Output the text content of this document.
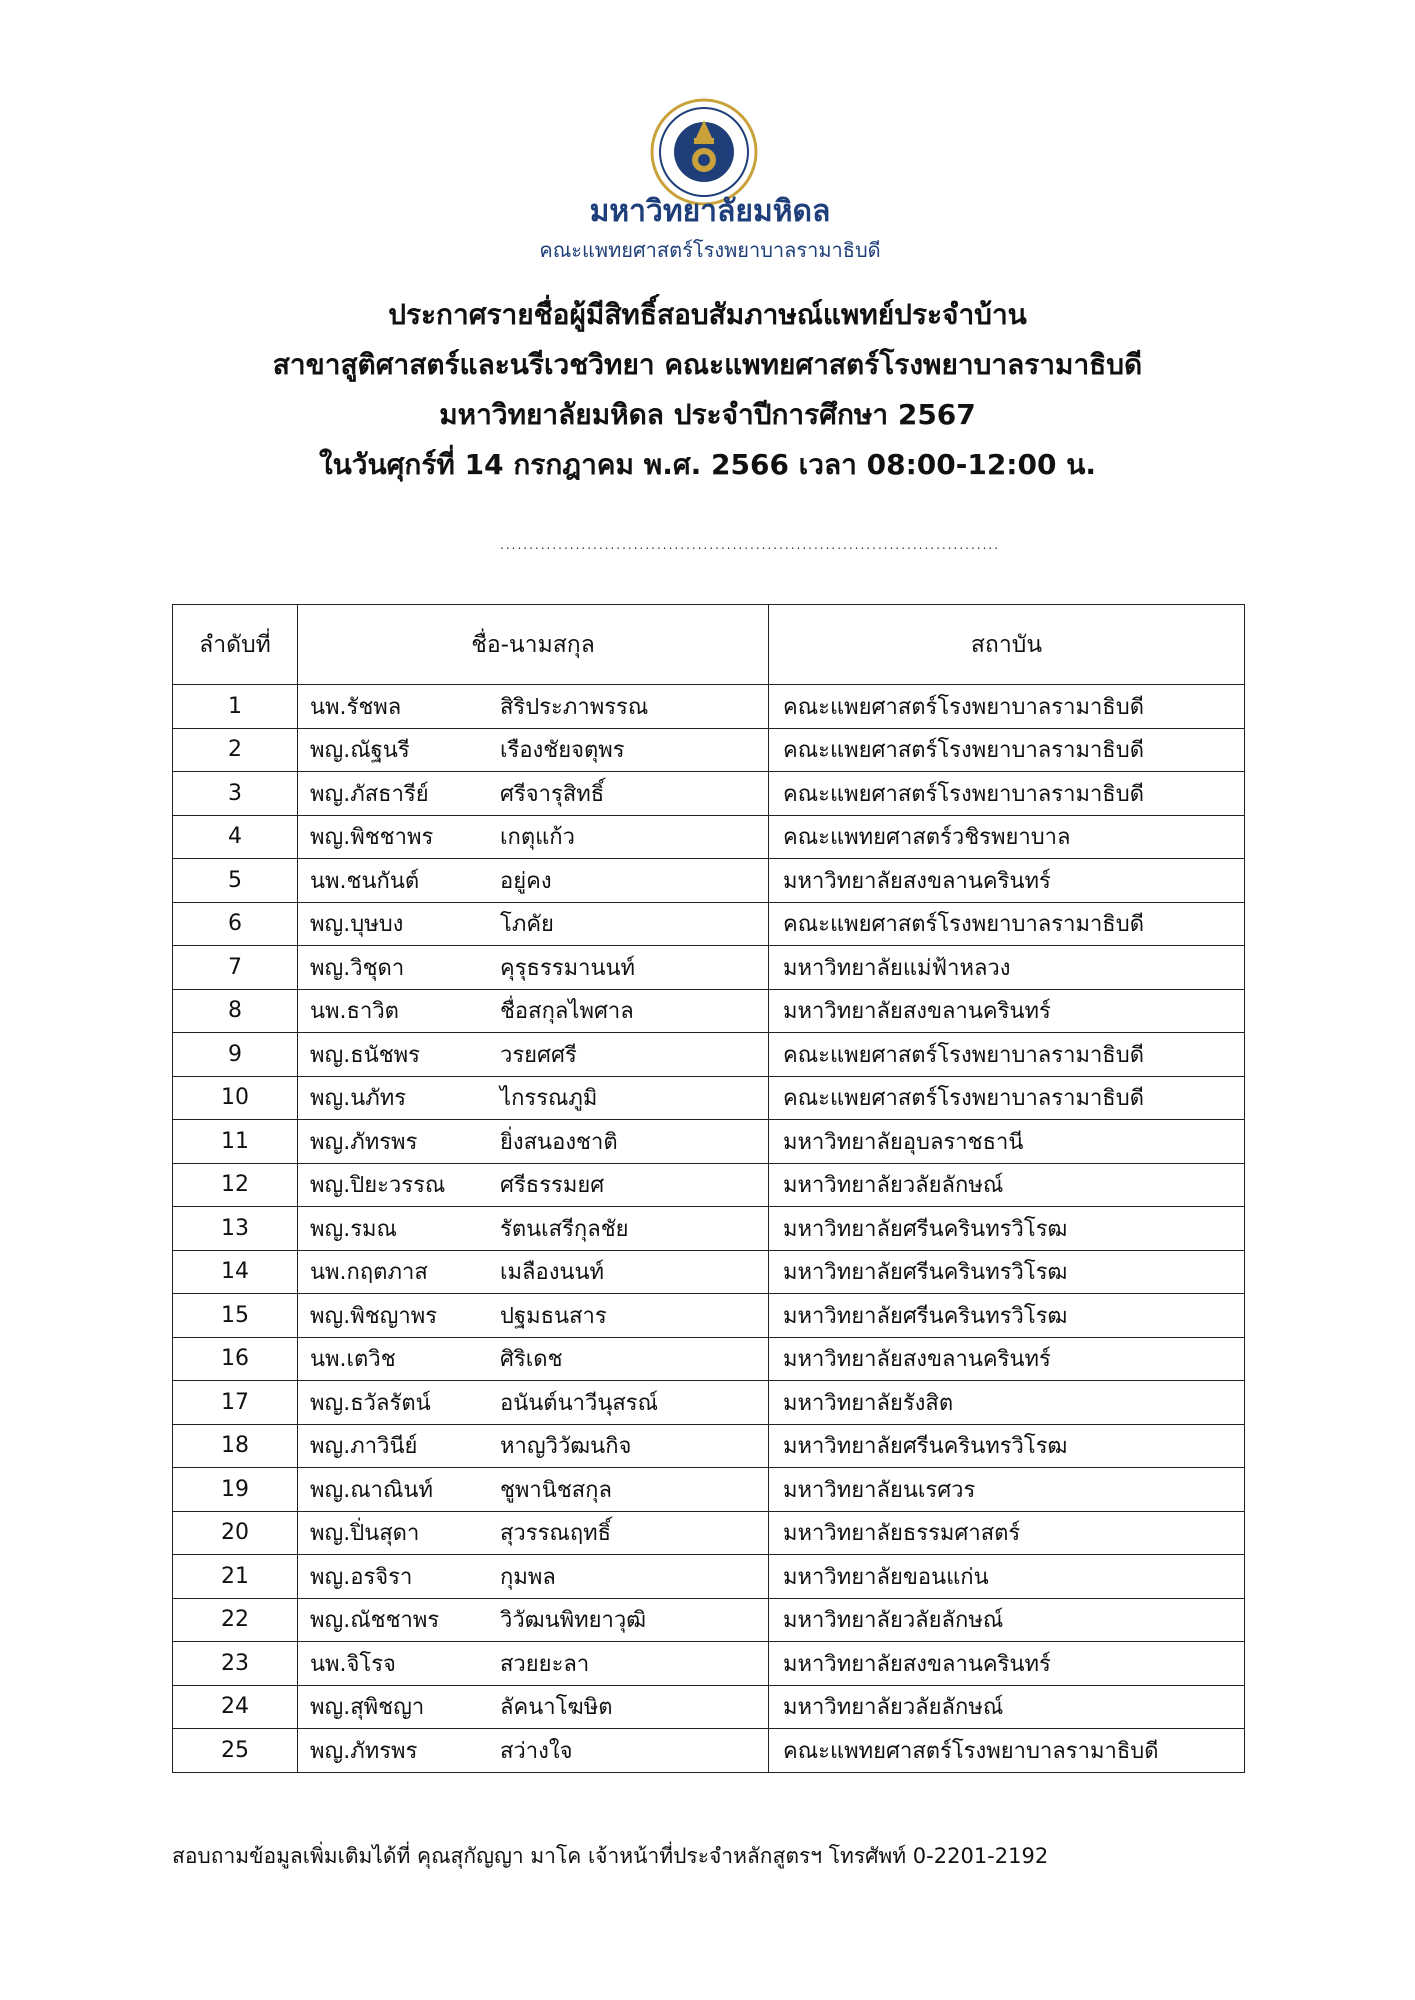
มหาวิทยาลัยมหิดล
คณะแพทยศาสตร์โรงพยาบาลรามาธิบดี
ประกาศรายชื่อผู้มีสิทธิ์สอบสัมภาษณ์แพทย์ประจำบ้าน
สาขาสูติศาสตร์และนรีเวชวิทยา คณะแพทยศาสตร์โรงพยาบาลรามาธิบดี
มหาวิทยาลัยมหิดล ประจำปีการศึกษา 2567
ในวันศุกร์ที่ 14 กรกฎาคม พ.ศ. 2566 เวลา 08:00-12:00 น.
......................................................................................
ลำดับที่	ชื่อ-นามสกุล	สถาบัน
1	นพ.รัชพล สิริประภาพรรณ	คณะแพยศาสตร์โรงพยาบาลรามาธิบดี
2	พญ.ณัฐนรี เรืองชัยจตุพร	คณะแพยศาสตร์โรงพยาบาลรามาธิบดี
3	พญ.ภัสธารีย์ ศรีจารุสิทธิ์	คณะแพยศาสตร์โรงพยาบาลรามาธิบดี
4	พญ.พิชชาพร เกตุแก้ว	คณะแพทยศาสตร์วชิรพยาบาล
5	นพ.ชนกันต์ อยู่คง	มหาวิทยาลัยสงขลานครินทร์
6	พญ.บุษบง โภคัย	คณะแพยศาสตร์โรงพยาบาลรามาธิบดี
7	พญ.วิชุดา คุรุธรรมานนท์	มหาวิทยาลัยแม่ฟ้าหลวง
8	นพ.ธาวิต ชื่อสกุลไพศาล	มหาวิทยาลัยสงขลานครินทร์
9	พญ.ธนัชพร วรยศศรี	คณะแพยศาสตร์โรงพยาบาลรามาธิบดี
10	พญ.นภัทร ไกรรณภูมิ	คณะแพยศาสตร์โรงพยาบาลรามาธิบดี
11	พญ.ภัทรพร ยิ่งสนองชาติ	มหาวิทยาลัยอุบลราชธานี
12	พญ.ปิยะวรรณ ศรีธรรมยศ	มหาวิทยาลัยวลัยลักษณ์
13	พญ.รมณ รัตนเสรีกุลชัย	มหาวิทยาลัยศรีนครินทรวิโรฒ
14	นพ.กฤตภาส เมลืองนนท์	มหาวิทยาลัยศรีนครินทรวิโรฒ
15	พญ.พิชญาพร ปฐมธนสาร	มหาวิทยาลัยศรีนครินทรวิโรฒ
16	นพ.เตวิช ศิริเดช	มหาวิทยาลัยสงขลานครินทร์
17	พญ.ธวัลรัตน์ อนันต์นาวีนุสรณ์	มหาวิทยาลัยรังสิต
18	พญ.ภาวินีย์ หาญวิวัฒนกิจ	มหาวิทยาลัยศรีนครินทรวิโรฒ
19	พญ.ณาณินท์ ชูพานิชสกุล	มหาวิทยาลัยนเรศวร
20	พญ.ปิ่นสุดา สุวรรณฤทธิ์	มหาวิทยาลัยธรรมศาสตร์
21	พญ.อรจิรา กุมพล	มหาวิทยาลัยขอนแก่น
22	พญ.ณัชชาพร วิวัฒนพิทยาวุฒิ	มหาวิทยาลัยวลัยลักษณ์
23	นพ.จิโรจ สวยยะลา	มหาวิทยาลัยสงขลานครินทร์
24	พญ.สุพิชญา ลัคนาโฆษิต	มหาวิทยาลัยวลัยลักษณ์
25	พญ.ภัทรพร สว่างใจ	คณะแพทยศาสตร์โรงพยาบาลรามาธิบดี
สอบถามข้อมูลเพิ่มเติมได้ที่ คุณสุกัญญา มาโค เจ้าหน้าที่ประจำหลักสูตรฯ โทรศัพท์ 0-2201-2192
